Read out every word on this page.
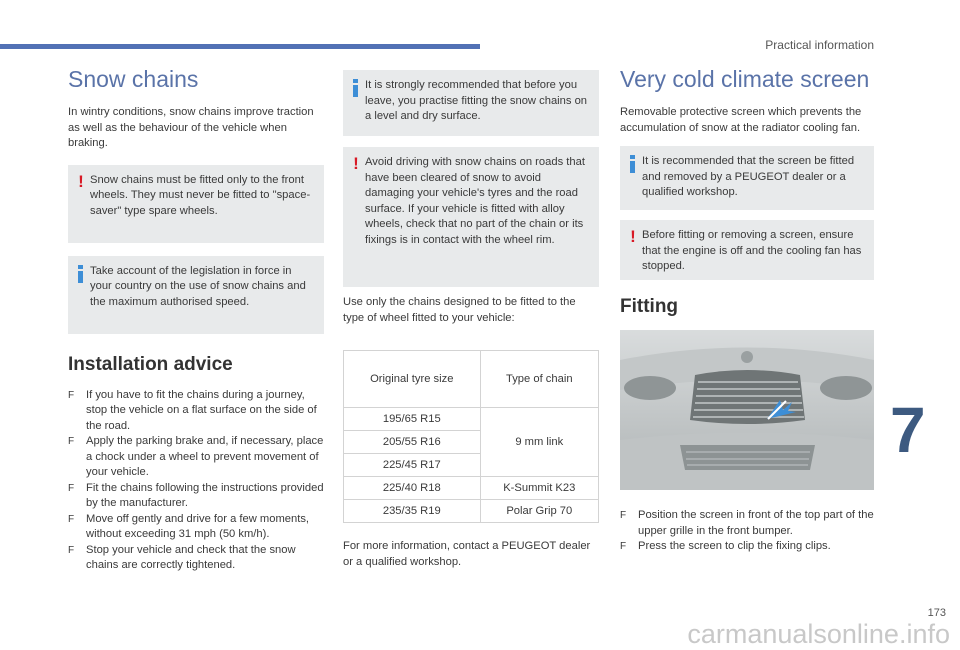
Practical information
Snow chains

In wintry conditions, snow chains improve traction as well as the behaviour of the vehicle when braking.

! Snow chains must be fitted only to the front wheels. They must never be fitted to "space-saver" type spare wheels.
Take account of the legislation in force in your country on the use of snow chains and the maximum authorised speed.
Installation advice
F If you have to fit the chains during a journey, stop the vehicle on a flat surface on the side of the road.
F Apply the parking brake and, if necessary, place a chock under a wheel to prevent movement of your vehicle.
F Fit the chains following the instructions provided by the manufacturer.
F Move off gently and drive for a few moments, without exceeding 31 mph (50 km/h).
F Stop your vehicle and check that the snow chains are correctly tightened.
It is strongly recommended that before you leave, you practise fitting the snow chains on a level and dry surface.
! Avoid driving with snow chains on roads that have been cleared of snow to avoid damaging your vehicle's tyres and the road surface. If your vehicle is fitted with alloy wheels, check that no part of the chain or its fixings is in contact with the wheel rim.

Use only the chains designed to be fitted to the type of wheel fitted to your vehicle:

Original tyre size	Type of chain
195/65 R15	9 mm link
205/55 R16	
225/45 R17	
225/40 R18	K-Summit K23
235/35 R19	Polar Grip 70

For more information, contact a PEUGEOT dealer or a qualified workshop.

Very cold climate screen

Removable protective screen which prevents the accumulation of snow at the radiator cooling fan.

It is recommended that the screen be fitted and removed by a PEUGEOT dealer or a qualified workshop.
! Before fitting or removing a screen, ensure that the engine is off and the cooling fan has stopped.
Fitting
F Position the screen in front of the top part of the upper grille in the front bumper.
F Press the screen to clip the fixing clips.
7
173
carmanualsonline.info
